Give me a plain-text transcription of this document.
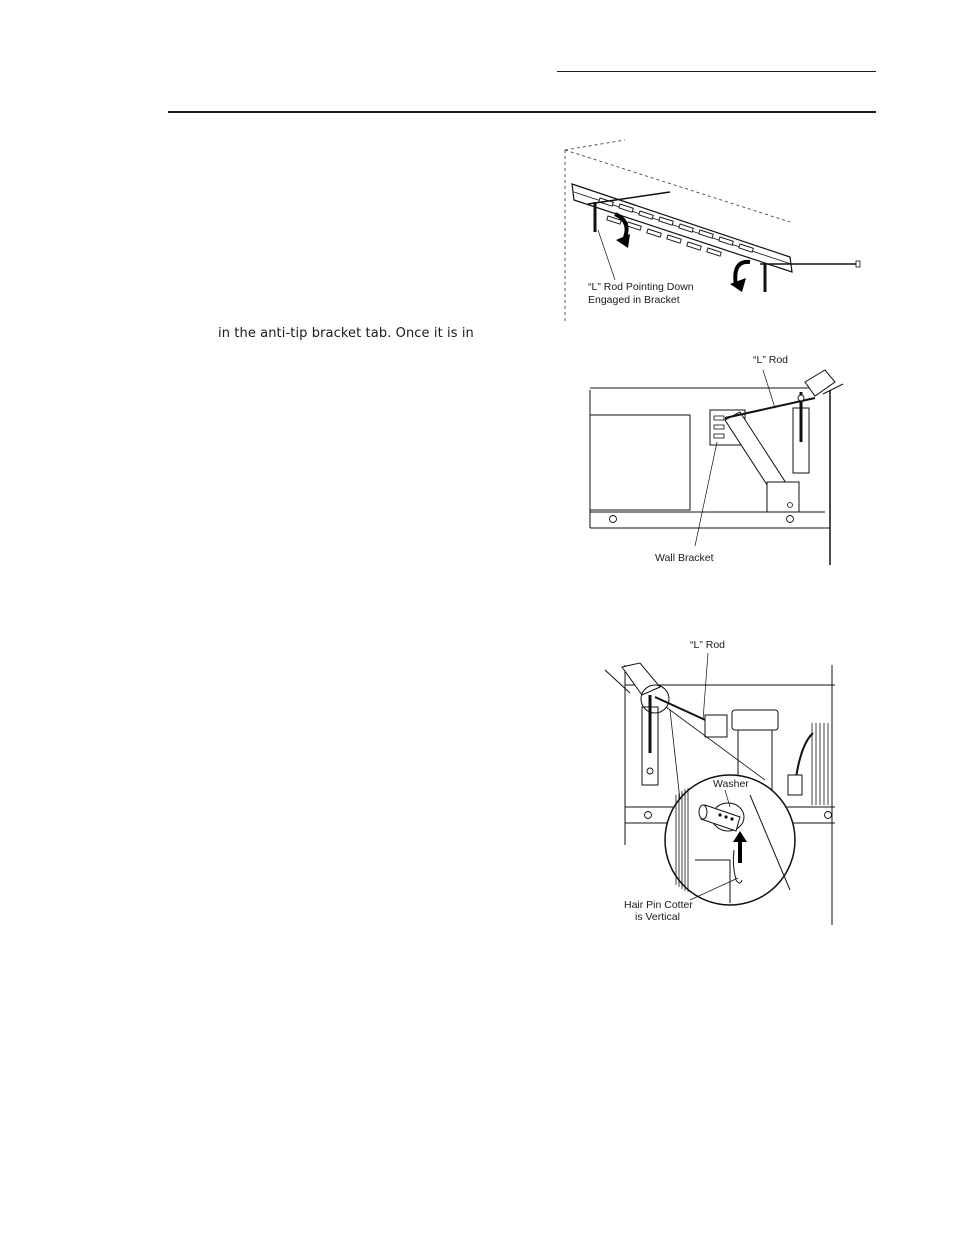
in the anti-tip bracket tab. Once it is in
“L” Rod Pointing Down
Engaged in Bracket
“L” Rod
Wall Bracket
“L” Rod
Washer
Hair Pin Cotter
is Vertical
